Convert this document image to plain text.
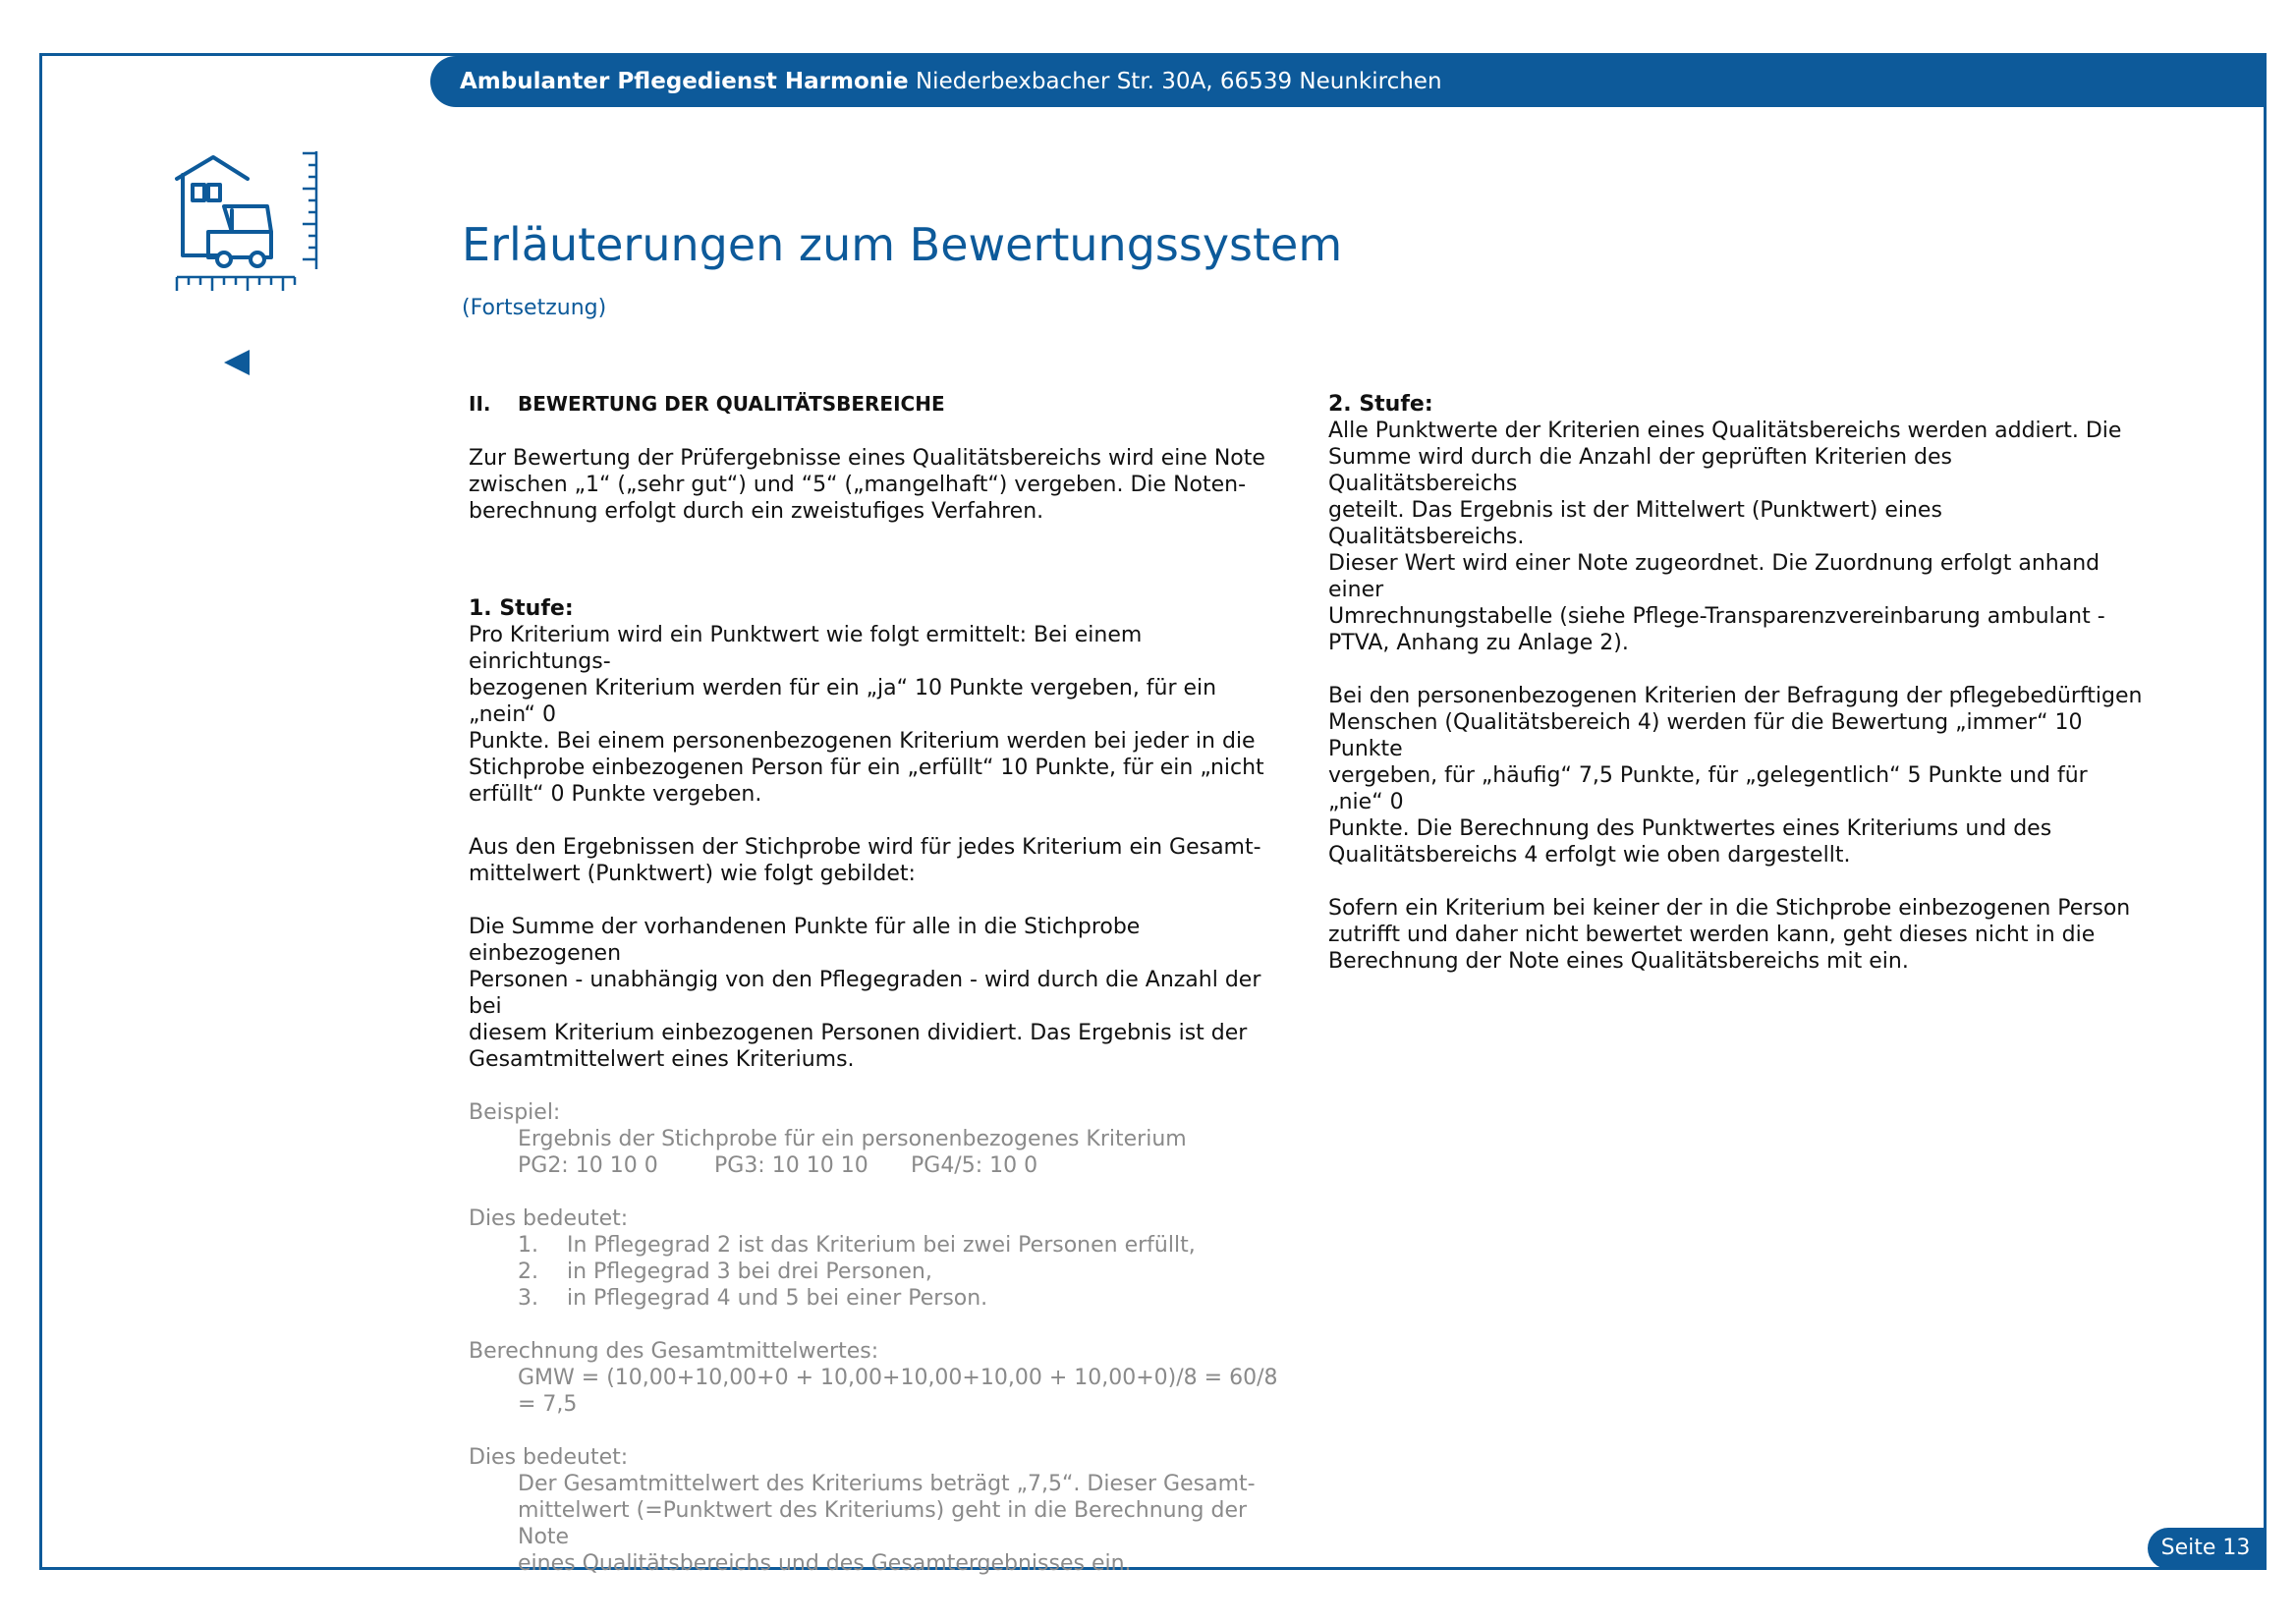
Ambulanter Pflegedienst Harmonie Niederbexbacher Str. 30A, 66539 Neunkirchen
Erläuterungen zum Bewertungssystem

(Fortsetzung)

II. BEWERTUNG DER QUALITÄTSBEREICHE

Zur Bewertung der Prüfergebnisse eines Qualitätsbereichs wird eine Note

zwischen „1“ („sehr gut“) und “5“ („mangelhaft“) vergeben. Die Noten-

berechnung erfolgt durch ein zweistufiges Verfahren.

1. Stufe:

Pro Kriterium wird ein Punktwert wie folgt ermittelt: Bei einem einrichtungs-

bezogenen Kriterium werden für ein „ja“ 10 Punkte vergeben, für ein „nein“ 0

Punkte. Bei einem personenbezogenen Kriterium werden bei jeder in die

Stichprobe einbezogenen Person für ein „erfüllt“ 10 Punkte, für ein „nicht

erfüllt“ 0 Punkte vergeben.

Aus den Ergebnissen der Stichprobe wird für jedes Kriterium ein Gesamt-

mittelwert (Punktwert) wie folgt gebildet:

Die Summe der vorhandenen Punkte für alle in die Stichprobe einbezogenen

Personen - unabhängig von den Pflegegraden - wird durch die Anzahl der bei

diesem Kriterium einbezogenen Personen dividiert. Das Ergebnis ist der

Gesamtmittelwert eines Kriteriums.

Beispiel:

Ergebnis der Stichprobe für ein personenbezogenes Kriterium

PG2: 10 10 0	PG3: 10 10 10 PG4/5: 10 0

Dies bedeutet:

1.	In Pflegegrad 2 ist das Kriterium bei zwei Personen erfüllt,
2.	in Pflegegrad 3 bei drei Personen,
3.	in Pflegegrad 4 und 5 bei einer Person.

Berechnung des Gesamtmittelwertes:

GMW = (10,00+10,00+0 + 10,00+10,00+10,00 + 10,00+0)/8 = 60/8 = 7,5

Dies bedeutet:

Der Gesamtmittelwert des Kriteriums beträgt „7,5“. Dieser Gesamt-

mittelwert (=Punktwert des Kriteriums) geht in die Berechnung der Note

eines Qualitätsbereichs und des Gesamtergebnisses ein.

2. Stufe:

Alle Punktwerte der Kriterien eines Qualitätsbereichs werden addiert. Die

Summe wird durch die Anzahl der geprüften Kriterien des Qualitätsbereichs

geteilt. Das Ergebnis ist der Mittelwert (Punktwert) eines Qualitätsbereichs.

Dieser Wert wird einer Note zugeordnet. Die Zuordnung erfolgt anhand einer

Umrechnungstabelle (siehe Pflege-Transparenzvereinbarung ambulant -

PTVA, Anhang zu Anlage 2).

Bei den personenbezogenen Kriterien der Befragung der pflegebedürftigen

Menschen (Qualitätsbereich 4) werden für die Bewertung „immer“ 10 Punkte

vergeben, für „häufig“ 7,5 Punkte, für „gelegentlich“ 5 Punkte und für „nie“ 0

Punkte. Die Berechnung des Punktwertes eines Kriteriums und des

Qualitätsbereichs 4 erfolgt wie oben dargestellt.

Sofern ein Kriterium bei keiner der in die Stichprobe einbezogenen Person

zutrifft und daher nicht bewertet werden kann, geht dieses nicht in die

Berechnung der Note eines Qualitätsbereichs mit ein.

Seite 13
